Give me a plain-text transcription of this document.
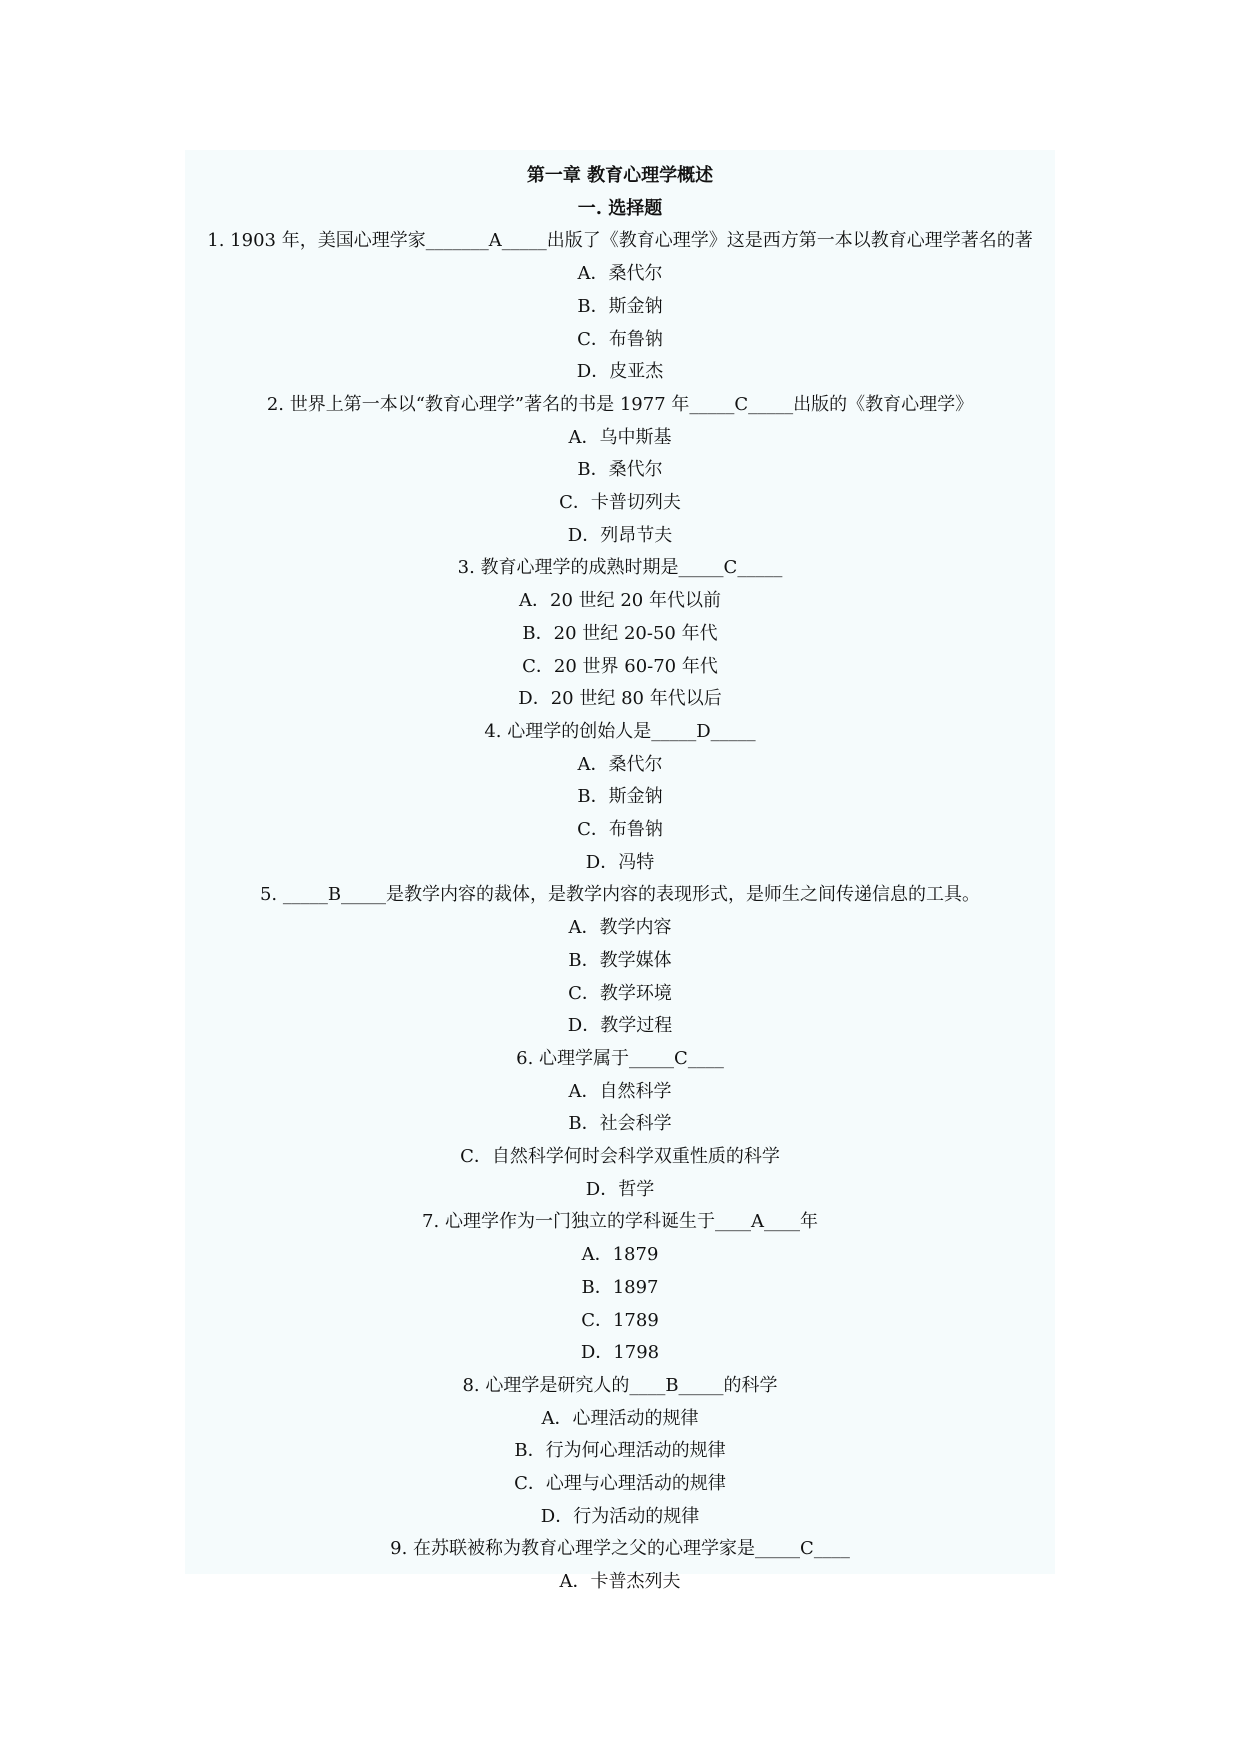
第一章 教育心理学概述
一. 选择题
1. 1903 年，美国心理学家_______A_____出版了《教育心理学》这是西方第一本以教育心理学著名的著
A．桑代尔
B．斯金钠
C．布鲁钠
D．皮亚杰
2. 世界上第一本以“教育心理学”著名的书是 1977 年_____C_____出版的《教育心理学》
A．乌中斯基
B．桑代尔
C．卡普切列夫
D．列昂节夫
3. 教育心理学的成熟时期是_____C_____
A．20 世纪 20 年代以前
B．20 世纪 20-50 年代
C．20 世界 60-70 年代
D．20 世纪 80 年代以后
4. 心理学的创始人是_____D_____
A．桑代尔
B．斯金钠
C．布鲁钠
D．冯特
5. _____B_____是教学内容的裁体，是教学内容的表现形式，是师生之间传递信息的工具。
A．教学内容
B．教学媒体
C．教学环境
D．教学过程
6. 心理学属于_____C____
A．自然科学
B．社会科学
C．自然科学何时会科学双重性质的科学
D．哲学
7. 心理学作为一门独立的学科诞生于____A____年
A．1879
B．1897
C．1789
D．1798
8. 心理学是研究人的____B_____的科学
A．心理活动的规律
B．行为何心理活动的规律
C．心理与心理活动的规律
D．行为活动的规律
9. 在苏联被称为教育心理学之父的心理学家是_____C____
A．卡普杰列夫
